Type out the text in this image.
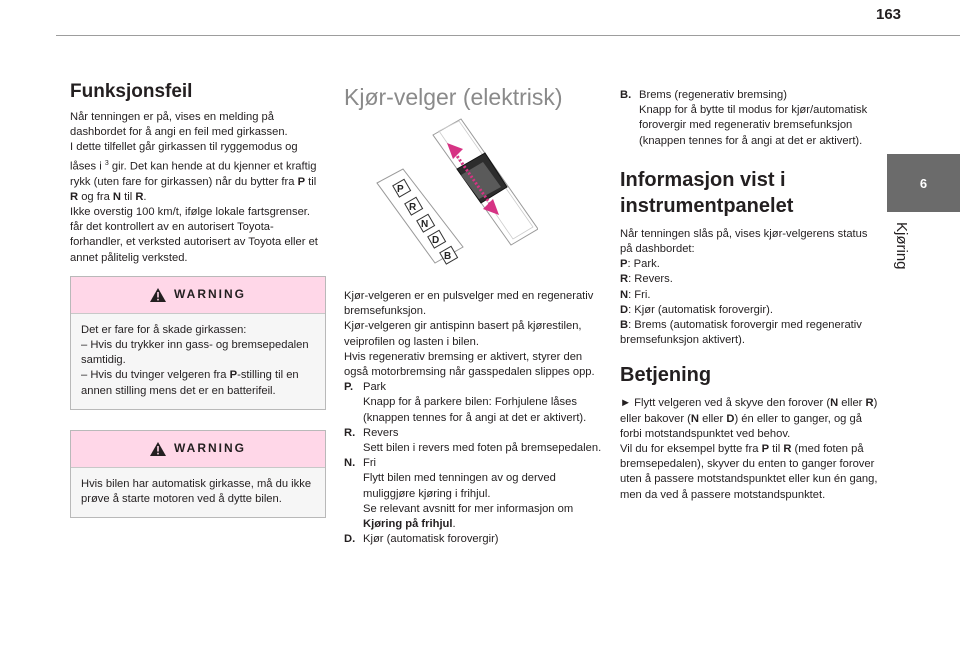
163
6
Kjøring
Funksjonsfeil

Når tenningen er på, vises en melding på dashbordet for å angi en feil med girkassen.
I dette tilfellet går girkassen til ryggemodus og låses i $^3$ gir. Det kan hende at du kjenner et kraftig rykk (uten fare for girkassen) når du bytter fra P til R og fra N til R.
Ikke overstig 100 km/t, ifølge lokale fartsgrenser.
får det kontrollert av en autorisert Toyota-forhandler, et verksted autorisert av Toyota eller et annet pålitelig verksted.

WARNING
Det er fare for å skade girkassen:
– Hvis du trykker inn gass- og bremsepedalen samtidig.
– Hvis du tvinger velgeren fra P-stilling til en annen stilling mens det er en batterifeil.
WARNING
Hvis bilen har automatisk girkasse, må du ikke prøve å starte motoren ved å dytte bilen.
Kjør-velger (elektrisk)
P
R
N
D
B

Kjør-velgeren er en pulsvelger med en regenerativ bremsefunksjon.
Kjør-velgeren gir antispinn basert på kjørestilen, veiprofilen og lasten i bilen.
Hvis regenerativ bremsing er aktivert, styrer den også motorbremsing når gasspedalen slippes opp.

P. Park
Knapp for å parkere bilen: Forhjulene låses (knappen tennes for å angi at det er aktivert).
R. Revers
Sett bilen i revers med foten på bremsepedalen.
N. Fri
Flytt bilen med tenningen av og derved muliggjøre kjøring i frihjul.
Se relevant avsnitt for mer informasjon om Kjøring på frihjul.
D. Kjør (automatisk forovergir)
B. Brems (regenerativ bremsing)
Knapp for å bytte til modus for kjør/automatisk forovergir med regenerativ bremsefunksjon (knappen tennes for å angi at det er aktivert).
Informasjon vist i instrumentpanelet

Når tenningen slås på, vises kjør-velgerens status på dashbordet:

P: Park.
R: Revers.
N: Fri.
D: Kjør (automatisk forovergir).
B: Brems (automatisk forovergir med regenerativ bremsefunksjon aktivert).

Betjening

► Flytt velgeren ved å skyve den forover (N eller R) eller bakover (N eller D) én eller to ganger, og gå forbi motstandspunktet ved behov.
Vil du for eksempel bytte fra P til R (med foten på bremsepedalen), skyver du enten to ganger forover uten å passere motstandspunktet eller kun én gang, men da ved å passere motstandspunktet.
